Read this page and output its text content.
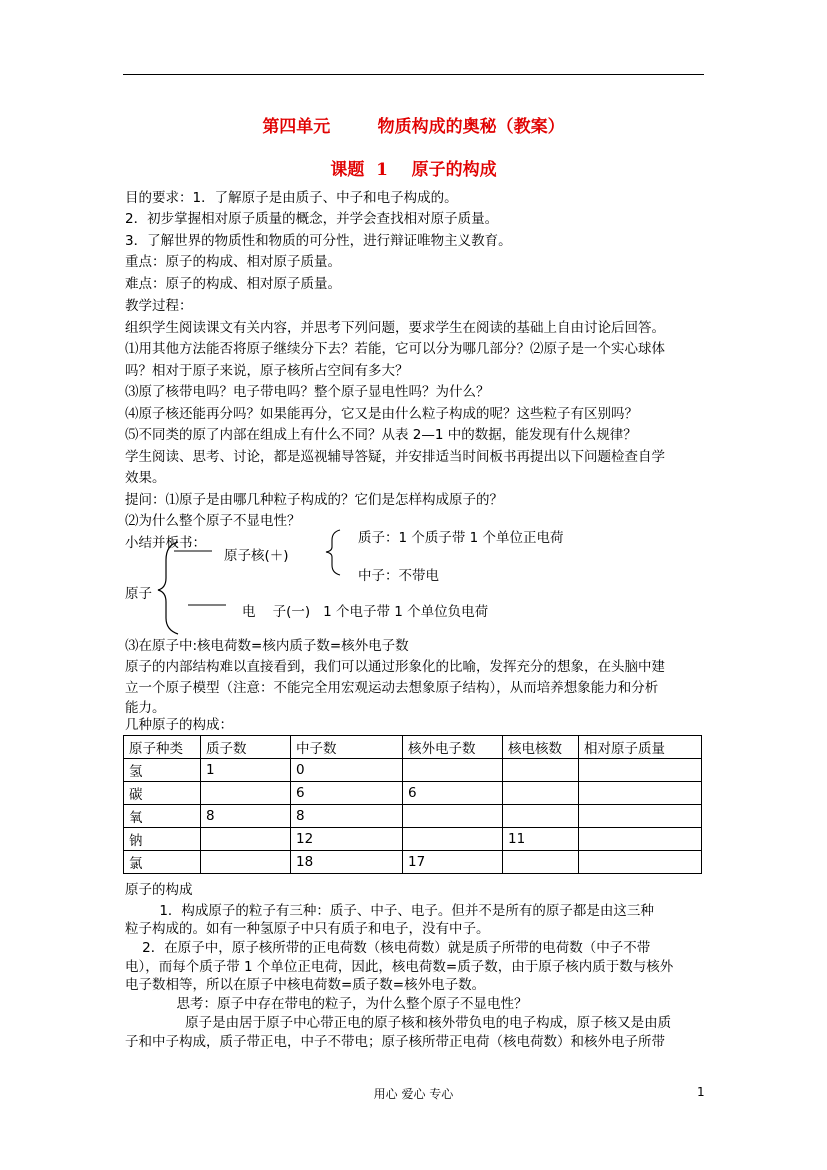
第四单元        物质构成的奥秘（教案）
课题  1    原子的构成
目的要求：1．了解原子是由质子、中子和电子构成的。
2．初步掌握相对原子质量的概念，并学会查找相对原子质量。
3．了解世界的物质性和物质的可分性，进行辩证唯物主义教育。
重点：原子的构成、相对原子质量。
难点：原子的构成、相对原子质量。
教学过程：
组织学生阅读课文有关内容，并思考下列问题，要求学生在阅读的基础上自由讨论后回答。
⑴用其他方法能否将原子继续分下去？若能，它可以分为哪几部分？⑵原子是一个实心球体
吗？相对于原子来说，原子核所占空间有多大？
⑶原了核带电吗？电子带电吗？整个原子显电性吗？为什么？
⑷原子核还能再分吗？如果能再分，它又是由什么粒子构成的呢？这些粒子有区别吗？
⑸不同类的原了内部在组成上有什么不同？从表 2—1 中的数据，能发现有什么规律？
学生阅读、思考、讨论，都是巡视辅导答疑，并安排适当时间板书再提出以下问题检查自学
效果。
提问：⑴原子是由哪几种粒子构成的？它们是怎样构成原子的？
⑵为什么整个原子不显电性？
小结并板书：
原子
原子核(＋)
质子：1 个质子带 1 个单位正电荷
中子：不带电
电    子(一)   1 个电子带 1 个单位负电荷
⑶在原子中:核电荷数=核内质子数=核外电子数
原子的内部结构难以直接看到，我们可以通过形象化的比喻，发挥充分的想象，在头脑中建
立一个原子模型（注意：不能完全用宏观运动去想象原子结构），从而培养想象能力和分析
能力。
几种原子的构成：
原子种类	质子数	中子数	核外电子数	核电核数	相对原子质量
氢	1	0			
碳		6	6		
氧	8	8			
钠		12		11	
氯		18	17		
原子的构成
1．构成原子的粒子有三种：质子、中子、电子。但并不是所有的原子都是由这三种
粒子构成的。如有一种氢原子中只有质子和电子，没有中子。
2．在原子中，原子核所带的正电荷数（核电荷数）就是质子所带的电荷数（中子不带
电），而每个质子带 1 个单位正电荷，因此，核电荷数=质子数，由于原子核内质于数与核外
电子数相等，所以在原子中核电荷数=质子数=核外电子数。
思考：原子中存在带电的粒子，为什么整个原子不显电性？
原子是由居于原子中心带正电的原子核和核外带负电的电子构成，原子核又是由质
子和中子构成，质子带正电，中子不带电；原子核所带正电荷（核电荷数）和核外电子所带
用心 爱心 专心	1
